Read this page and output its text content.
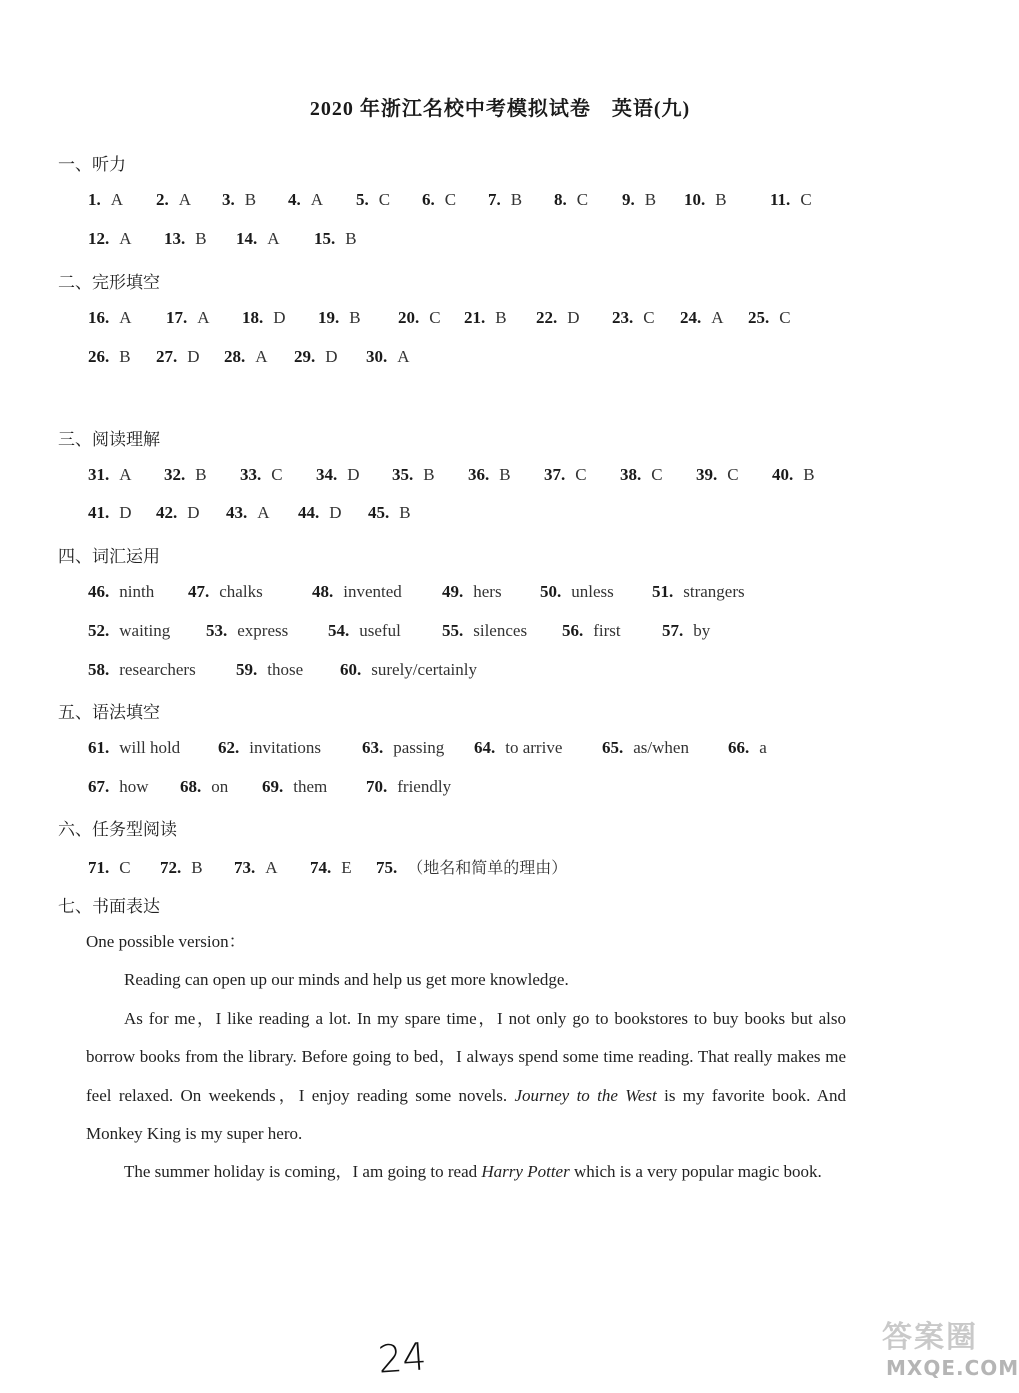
2020 年浙江名校中考模拟试卷　英语(九)
一、听力
1. A 2. A 3. B 4. A 5. C 6. C 7. B 8. C 9. B 10. B	11. C
12. A 13. B 14. A 15. B
二、完形填空
16. A 17. A 18. D 19. B 20. C 21. B 22. D 23. C 24. A 25. C
26. B 27. D 28. A 29. D 30. A
三、阅读理解
31. A 32. B 33. C 34. D 35. B 36. B 37. C 38. C 39. C 40. B
41. D 42. D 43. A 44. D 45. B
四、词汇运用
46. ninth 47. chalks	48. invented 49. hers 50. unless 51. strangers
52. waiting 53. express 54. useful 55. silences 56. first 57. by
58. researchers 59. those 60. surely/certainly
五、语法填空
61. will hold 62. invitations 63. passing 64. to arrive 65. as/when 66. a
67. how 68. on 69. them 70. friendly
六、任务型阅读
71. C 72. B 73. A 74. E 75. （地名和简单的理由）
七、书面表达

One possible version：

Reading can open up our minds and help us get more knowledge.

As for me，I like reading a lot. In my spare time，I not only go to bookstores to buy books but also borrow books from the library. Before going to bed，I always spend some time reading. That really makes me feel relaxed. On weekends，I enjoy reading some novels. Journey to the West is my favorite book. And Monkey King is my super hero.

The summer holiday is coming，I am going to read Harry Potter which is a very popular magic book.

24	答案圈
MXQE.COM
